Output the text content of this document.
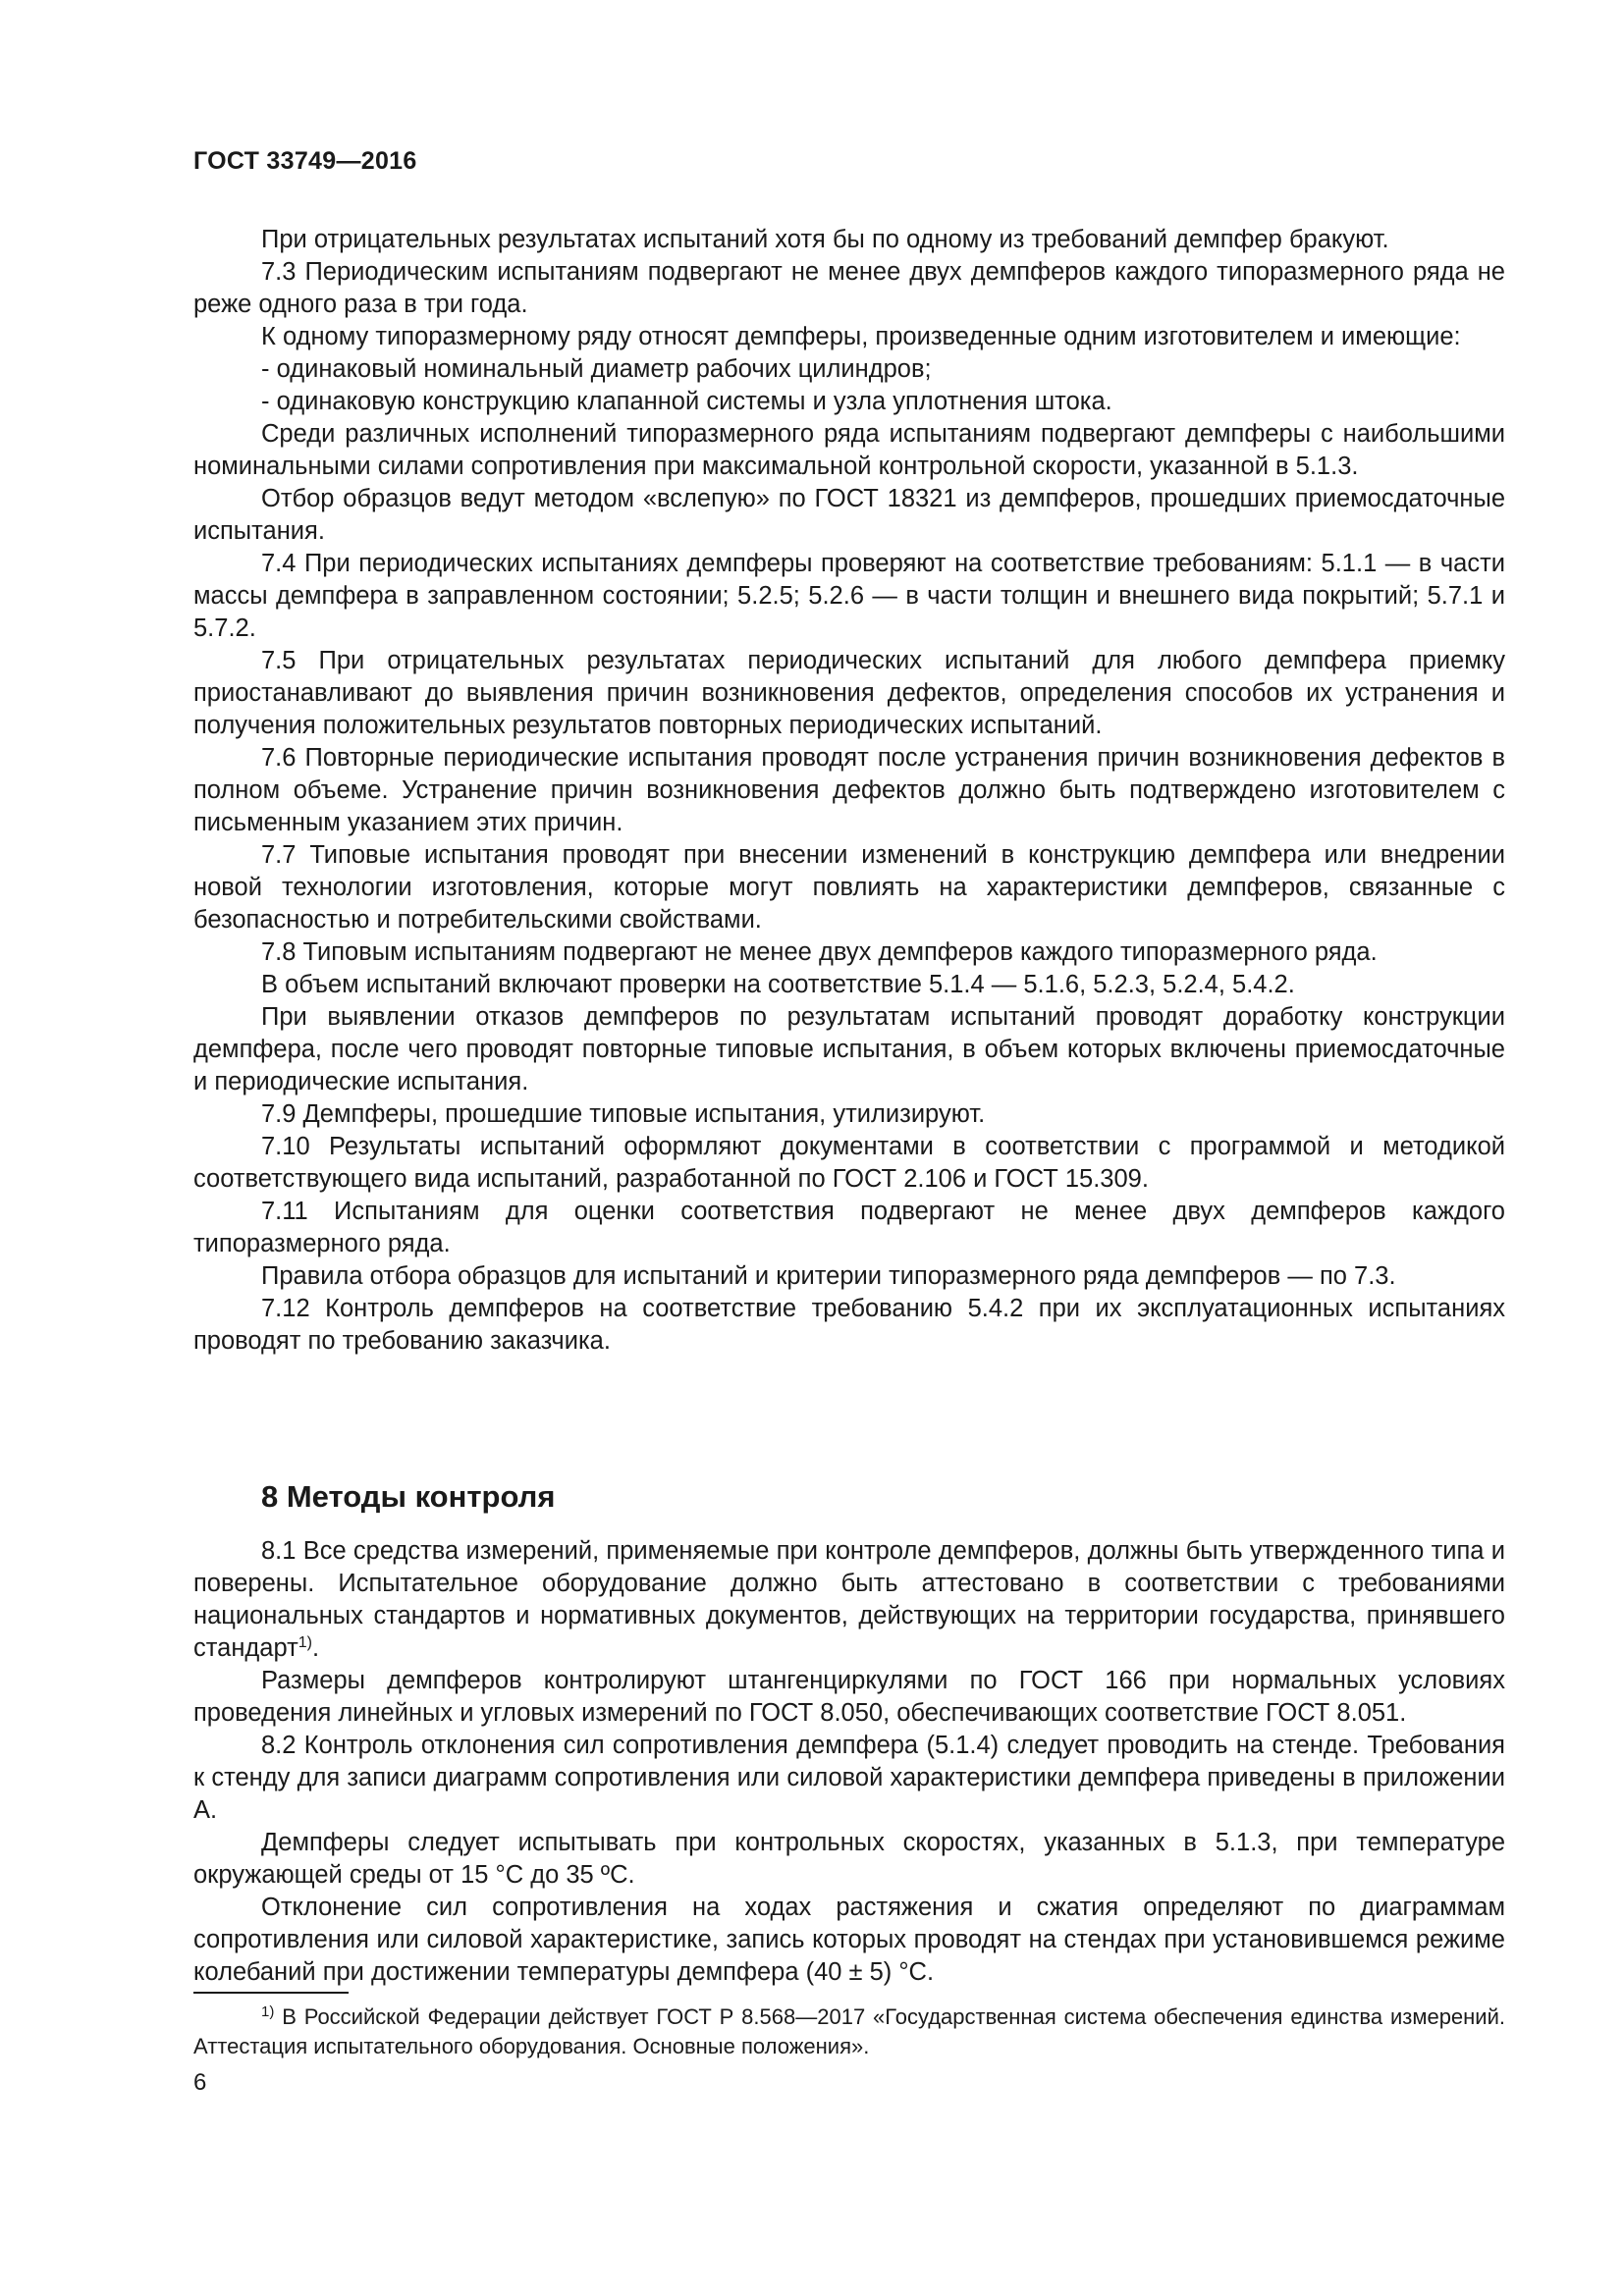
ГОСТ 33749—2016

При отрицательных результатах испытаний хотя бы по одному из требований демпфер бракуют.

7.3 Периодическим испытаниям подвергают не менее двух демпферов каждого типоразмерного ряда не реже одного раза в три года.

К одному типоразмерному ряду относят демпферы, произведенные одним изготовителем и имеющие:

- одинаковый номинальный диаметр рабочих цилиндров;

- одинаковую конструкцию клапанной системы и узла уплотнения штока.

Среди различных исполнений типоразмерного ряда испытаниям подвергают демпферы с наибольшими номинальными силами сопротивления при максимальной контрольной скорости, указанной в 5.1.3.

Отбор образцов ведут методом «вслепую» по ГОСТ 18321 из демпферов, прошедших приемосдаточные испытания.

7.4 При периодических испытаниях демпферы проверяют на соответствие требованиям: 5.1.1 — в части массы демпфера в заправленном состоянии; 5.2.5; 5.2.6 — в части толщин и внешнего вида покрытий; 5.7.1 и 5.7.2.

7.5 При отрицательных результатах периодических испытаний для любого демпфера приемку приостанавливают до выявления причин возникновения дефектов, определения способов их устранения и получения положительных результатов повторных периодических испытаний.

7.6 Повторные периодические испытания проводят после устранения причин возникновения дефектов в полном объеме. Устранение причин возникновения дефектов должно быть подтверждено изготовителем с письменным указанием этих причин.

7.7 Типовые испытания проводят при внесении изменений в конструкцию демпфера или внедрении новой технологии изготовления, которые могут повлиять на характеристики демпферов, связанные с безопасностью и потребительскими свойствами.

7.8 Типовым испытаниям подвергают не менее двух демпферов каждого типоразмерного ряда.

В объем испытаний включают проверки на соответствие 5.1.4 — 5.1.6, 5.2.3, 5.2.4, 5.4.2.

При выявлении отказов демпферов по результатам испытаний проводят доработку конструкции демпфера, после чего проводят повторные типовые испытания, в объем которых включены приемосдаточные и периодические испытания.

7.9 Демпферы, прошедшие типовые испытания, утилизируют.

7.10 Результаты испытаний оформляют документами в соответствии с программой и методикой соответствующего вида испытаний, разработанной по ГОСТ 2.106 и ГОСТ 15.309.

7.11 Испытаниям для оценки соответствия подвергают не менее двух демпферов каждого типоразмерного ряда.

Правила отбора образцов для испытаний и критерии типоразмерного ряда демпферов — по 7.3.

7.12 Контроль демпферов на соответствие требованию 5.4.2 при их эксплуатационных испытаниях проводят по требованию заказчика.

8 Методы контроля

8.1 Все средства измерений, применяемые при контроле демпферов, должны быть утвержденного типа и поверены. Испытательное оборудование должно быть аттестовано в соответствии с требованиями национальных стандартов и нормативных документов, действующих на территории государства, принявшего стандарт$^{1)}$.

Размеры демпферов контролируют штангенциркулями по ГОСТ 166 при нормальных условиях проведения линейных и угловых измерений по ГОСТ 8.050, обеспечивающих соответствие ГОСТ 8.051.

8.2 Контроль отклонения сил сопротивления демпфера (5.1.4) следует проводить на стенде. Требования к стенду для записи диаграмм сопротивления или силовой характеристики демпфера приведены в приложении А.

Демпферы следует испытывать при контрольных скоростях, указанных в 5.1.3, при температуре окружающей среды от 15 °С до 35 ºС.

Отклонение сил сопротивления на ходах растяжения и сжатия определяют по диаграммам сопротивления или силовой характеристике, запись которых проводят на стендах при установившемся режиме колебаний при достижении температуры демпфера (40 ± 5) °С.

$^{1)}$ В Российской Федерации действует ГОСТ Р 8.568—2017 «Государственная система обеспечения единства измерений. Аттестация испытательного оборудования. Основные положения».

6
